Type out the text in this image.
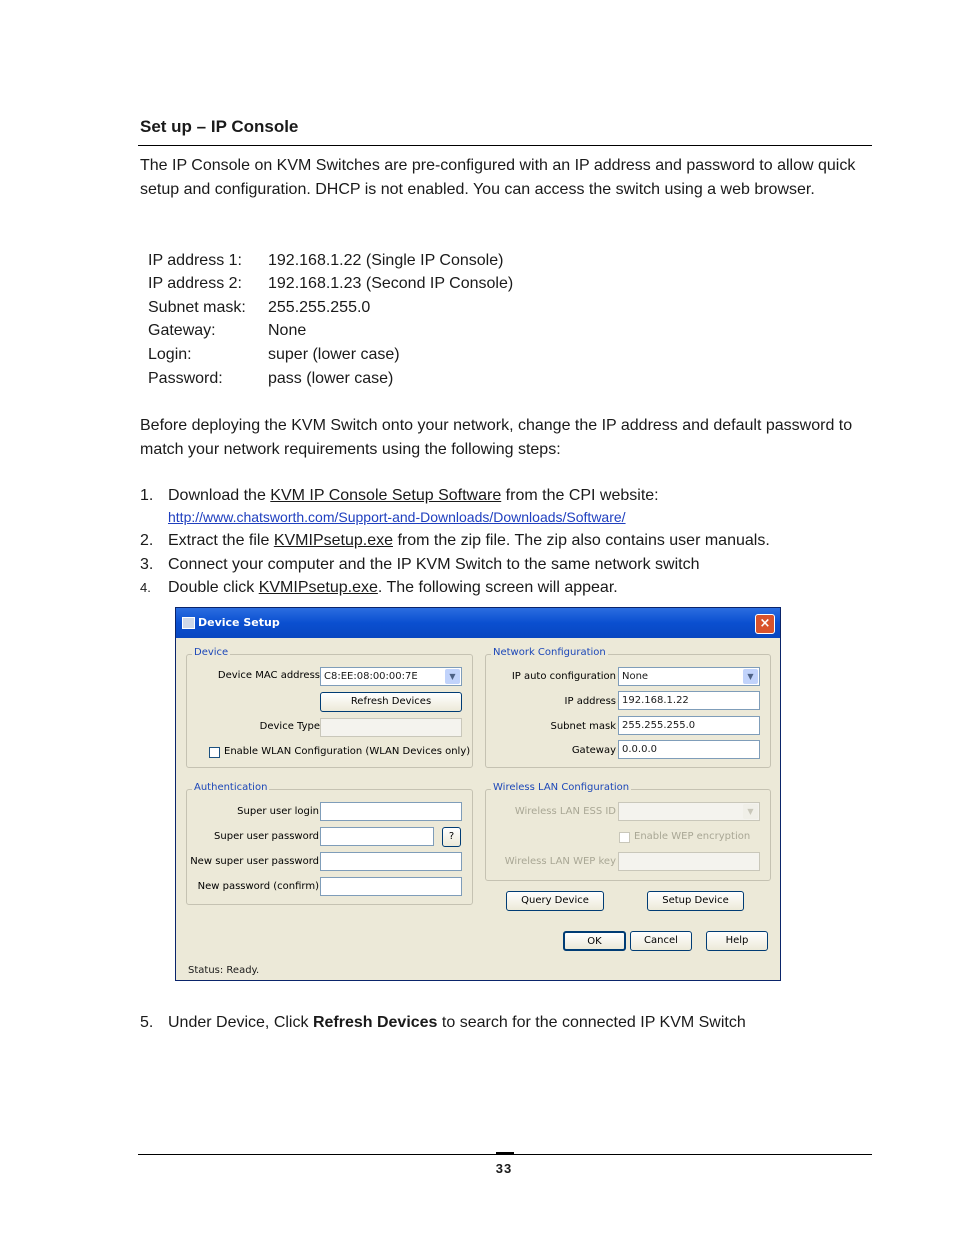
Set up – IP Console
The IP Console on KVM Switches are pre-configured with an IP address and password to allow quick setup and configuration. DHCP is not enabled. You can access the switch using a web browser.
IP address 1: 192.168.1.22 (Single IP Console)
IP address 2: 192.168.1.23 (Second IP Console)
Subnet mask: 255.255.255.0
Gateway:	None
Login:	super (lower case)
Password:	pass (lower case)
Before deploying the KVM Switch onto your network, change the IP address and default password to match your network requirements using the following steps:
1. Download the KVM IP Console Setup Software from the CPI website:
http://www.chatsworth.com/Support-and-Downloads/Downloads/Software/
2. Extract the file KVMIPsetup.exe from the zip file. The zip also contains user manuals.
3. Connect your computer and the IP KVM Switch to the same network switch
4. Double click KVMIPsetup.exe. The following screen will appear.
Device Setup	×
Device
Device MAC address C8:EE:08:00:00:7E	▼
Refresh Devices
Device Type
Enable WLAN Configuration (WLAN Devices only)
Authentication
Super user login
Super user password	?
New super user password
New password (confirm)
Network Configuration
IP auto configuration None	▼
IP address 192.168.1.22
Subnet mask 255.255.255.0
Gateway 0.0.0.0
Wireless LAN Configuration
Wireless LAN ESS ID	▼
Enable WEP encryption
Wireless LAN WEP key
Query Device	Setup Device
OK	Cancel	Help
Status: Ready.
5. Under Device, Click Refresh Devices to search for the connected IP KVM Switch
33
